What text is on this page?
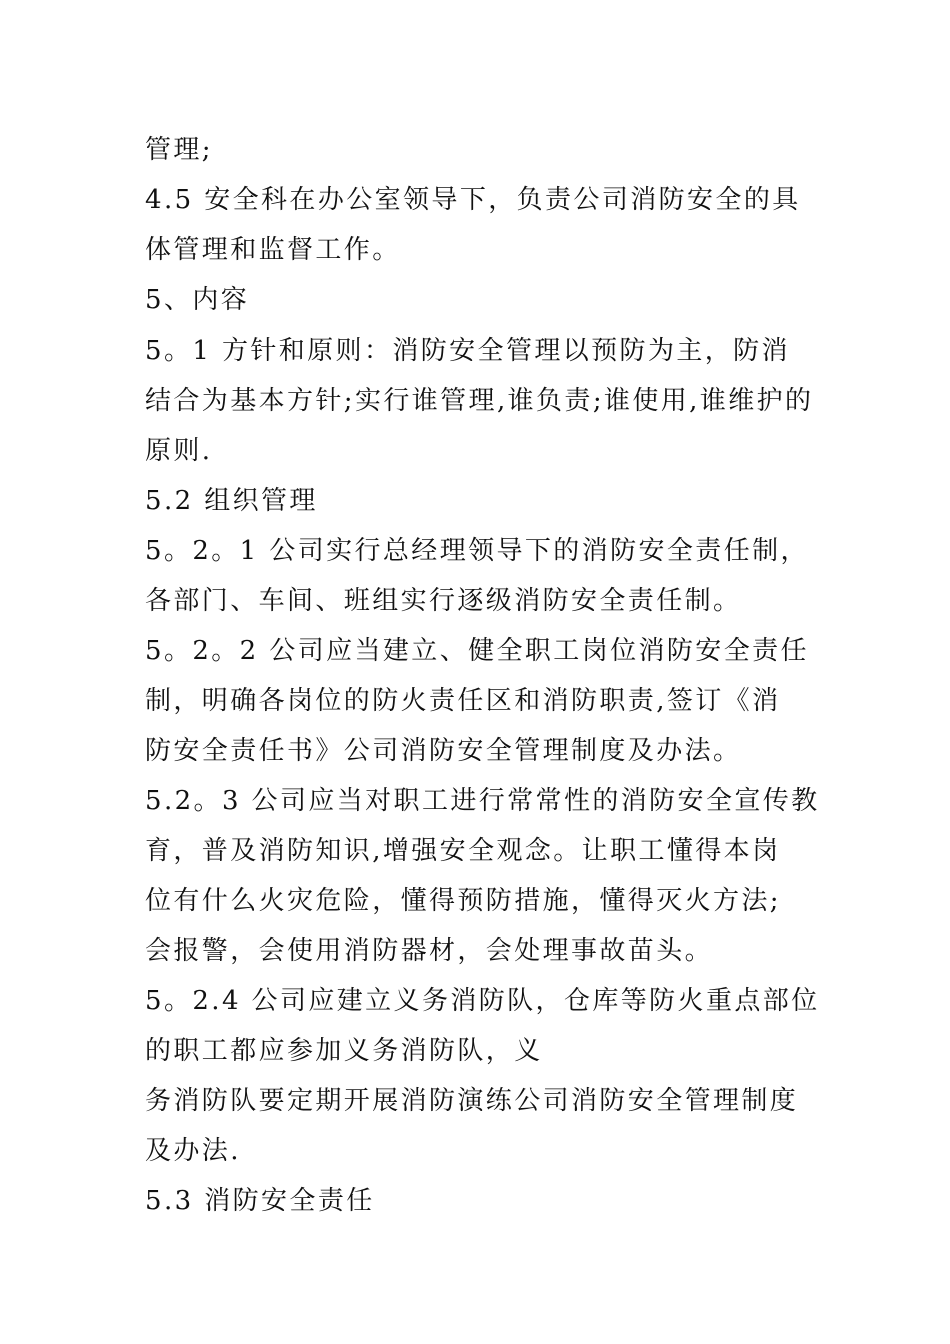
管理;
4.5 安全科在办公室领导下，负责公司消防安全的具
体管理和监督工作。
5、内容
5。1 方针和原则：消防安全管理以预防为主，防消
结合为基本方针;实行谁管理,谁负责;谁使用,谁维护的
原则.
5.2 组织管理
5。2。1 公司实行总经理领导下的消防安全责任制，
各部门、车间、班组实行逐级消防安全责任制。
5。2。2 公司应当建立、健全职工岗位消防安全责任
制，明确各岗位的防火责任区和消防职责,签订《消
防安全责任书》公司消防安全管理制度及办法。
5.2。3 公司应当对职工进行常常性的消防安全宣传教
育，普及消防知识,增强安全观念。让职工懂得本岗
位有什么火灾危险，懂得预防措施，懂得灭火方法;
会报警，会使用消防器材，会处理事故苗头。
5。2.4 公司应建立义务消防队，仓库等防火重点部位
的职工都应参加义务消防队，义
务消防队要定期开展消防演练公司消防安全管理制度
及办法.
5.3 消防安全责任
